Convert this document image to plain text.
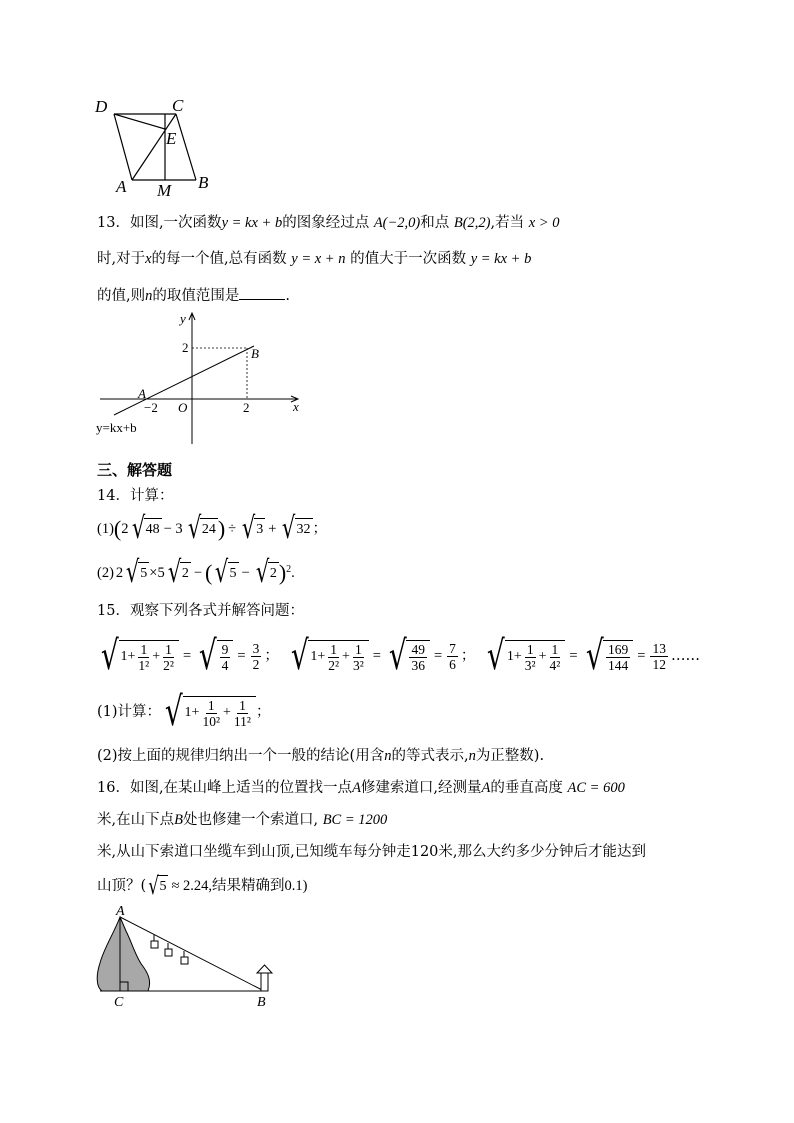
D	C
E
A M B
13．如图,一次函数y = kx + b的图象经过点 A(−2,0)和点 B(2,2),若当 x > 0
时,对于x的每一个值,总有函数 y = x + n 的值大于一次函数 y = kx + b
的值,则n的取值范围是	.
y
x
2	B
A
−2 O	2
y=kx+b
三、解答题
14．计算：
(1) ( 2 √ 48 − 3 √ 24 ) ÷ √ 3 + √ 32 ；
(2) 2 √ 5 ×5 √ 2 − ( √ 5 − √ 2 ) 2 .
15．观察下列各式并解答问题：
√ $1+ \frac{1}{\text{1²}} + \frac{1}{\text{2²}}$ = √ $\frac{9}{4} = \frac{3}{2}$ ； √ $1+ \frac{1}{\text{2²}} + \frac{1}{\text{3²}}$ = √ $\frac{49}{36} = \frac{7}{6}$ ； √ $1+ \frac{1}{\text{3²}} + \frac{1}{\text{4²}}$ = √ $\frac{169}{144} = \frac{13}{12}$ ……
(1)计算： √ $1+ \frac{1}{\text{10²}} + \frac{1}{\text{11²}}$ ；
(2)按上面的规律归纳出一个一般的结论(用含n的等式表示,n为正整数).
16．如图,在某山峰上适当的位置找一点A修建索道口,经测量A的垂直高度 AC = 600
米,在山下点B处也修建一个索道口, BC = 1200
米,从山下索道口坐缆车到山顶,已知缆车每分钟走120米,那么大约多少分钟后才能达到
山顶？( √ 5 ≈ 2.24,结果精确到0.1)
A
C	B
